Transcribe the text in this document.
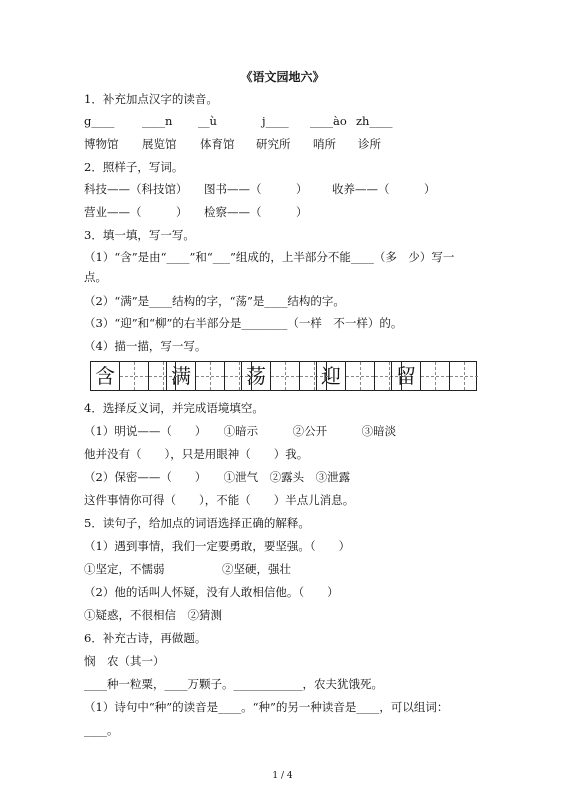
《语文园地六》
1．补充加点汉字的读音。
g____ ____n __ù	j____ ____ào zh____
博物馆 展览馆 体育馆 研究所 哨所 诊所
2．照样子，写词。
科技——（科技馆） 图书——（　　　） 收养——（　　　）
营业——（　　　） 检察——（　　　）
3．填一填，写一写。
（1）“含”是由“____”和“___”组成的，上半部分不能____（多　少）写一
点。
（2）“满”是____结构的字，“荡”是____结构的字。
（3）“迎”和“柳”的右半部分是________（一样　不一样）的。
（4）描一描，写一写。
含	满	荡	迎	留
4．选择反义词，并完成语境填空。
（1）明说——（　　）　　①暗示　　　②公开　　　③暗淡
他并没有（　　），只是用眼神（　　）我。
（2）保密——（　　）　　①泄气　②露头　③泄露
这件事情你可得（　　），不能（　　）半点儿消息。
5．读句子，给加点的词语选择正确的解释。
（1）遇到事情，我们一定要勇敢，要坚强。（　　）
①坚定，不懦弱　　　　　②坚硬，强壮
（2）他的话叫人怀疑，没有人敢相信他。（　　）
①疑惑，不很相信　②猜测
6．补充古诗，再做题。
悯　农（其一）
____种一粒粟，____万颗子。____________，农夫犹饿死。
（1）诗句中“种”的读音是____。“种”的另一种读音是____，可以组词：
____。
1 / 4
